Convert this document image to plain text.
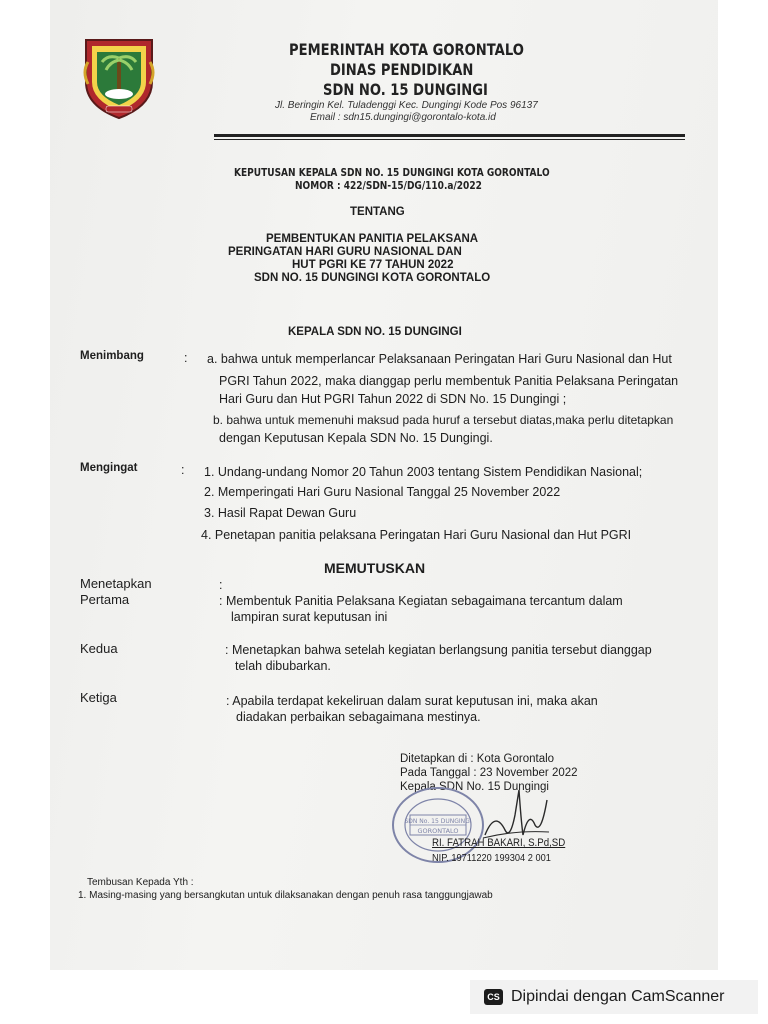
PEMERINTAH KOTA GORONTALO
DINAS PENDIDIKAN
SDN NO. 15 DUNGINGI
Jl. Beringin Kel. Tuladenggi Kec. Dungingi Kode Pos 96137
Email : sdn15.dungingi@gorontalo-kota.id
KEPUTUSAN KEPALA SDN NO. 15 DUNGINGI KOTA GORONTALO
NOMOR : 422/SDN-15/DG/110.a/2022
TENTANG
PEMBENTUKAN PANITIA PELAKSANA
PERINGATAN HARI GURU NASIONAL DAN
HUT PGRI KE 77 TAHUN 2022
SDN NO. 15 DUNGINGI KOTA GORONTALO
KEPALA SDN NO. 15 DUNGINGI
Menimbang	: a. bahwa untuk memperlancar Pelaksanaan Peringatan Hari Guru Nasional dan Hut
PGRI Tahun 2022, maka dianggap perlu membentuk Panitia Pelaksana Peringatan
Hari Guru dan Hut PGRI Tahun 2022 di SDN No. 15 Dungingi ;
b. bahwa untuk memenuhi maksud pada huruf a tersebut diatas,maka perlu ditetapkan
dengan Keputusan Kepala SDN No. 15 Dungingi.
Mengingat	: 1. Undang-undang Nomor 20 Tahun 2003 tentang Sistem Pendidikan Nasional;
2. Memperingati Hari Guru Nasional Tanggal 25 November 2022
3. Hasil Rapat Dewan Guru
4. Penetapan panitia pelaksana Peringatan Hari Guru Nasional dan Hut PGRI
MEMUTUSKAN
Menetapkan	:
Pertama	: Membentuk Panitia Pelaksana Kegiatan sebagaimana tercantum dalam
lampiran surat keputusan ini
Kedua	: Menetapkan bahwa setelah kegiatan berlangsung panitia tersebut dianggap
telah dibubarkan.
Ketiga	: Apabila terdapat kekeliruan dalam surat keputusan ini, maka akan
diadakan perbaikan sebagaimana mestinya.
Ditetapkan di : Kota Gorontalo
Pada Tanggal : 23 November 2022
Kepala SDN No. 15 Dungingi
SDN No. 15 DUNGINGI
GORONTALO
RI. FATRAH BAKARI, S.Pd,SD
NIP. 19711220 199304 2 001
Tembusan Kepada Yth :
1. Masing-masing yang bersangkutan untuk dilaksanakan dengan penuh rasa tanggungjawab
CS Dipindai dengan CamScanner
